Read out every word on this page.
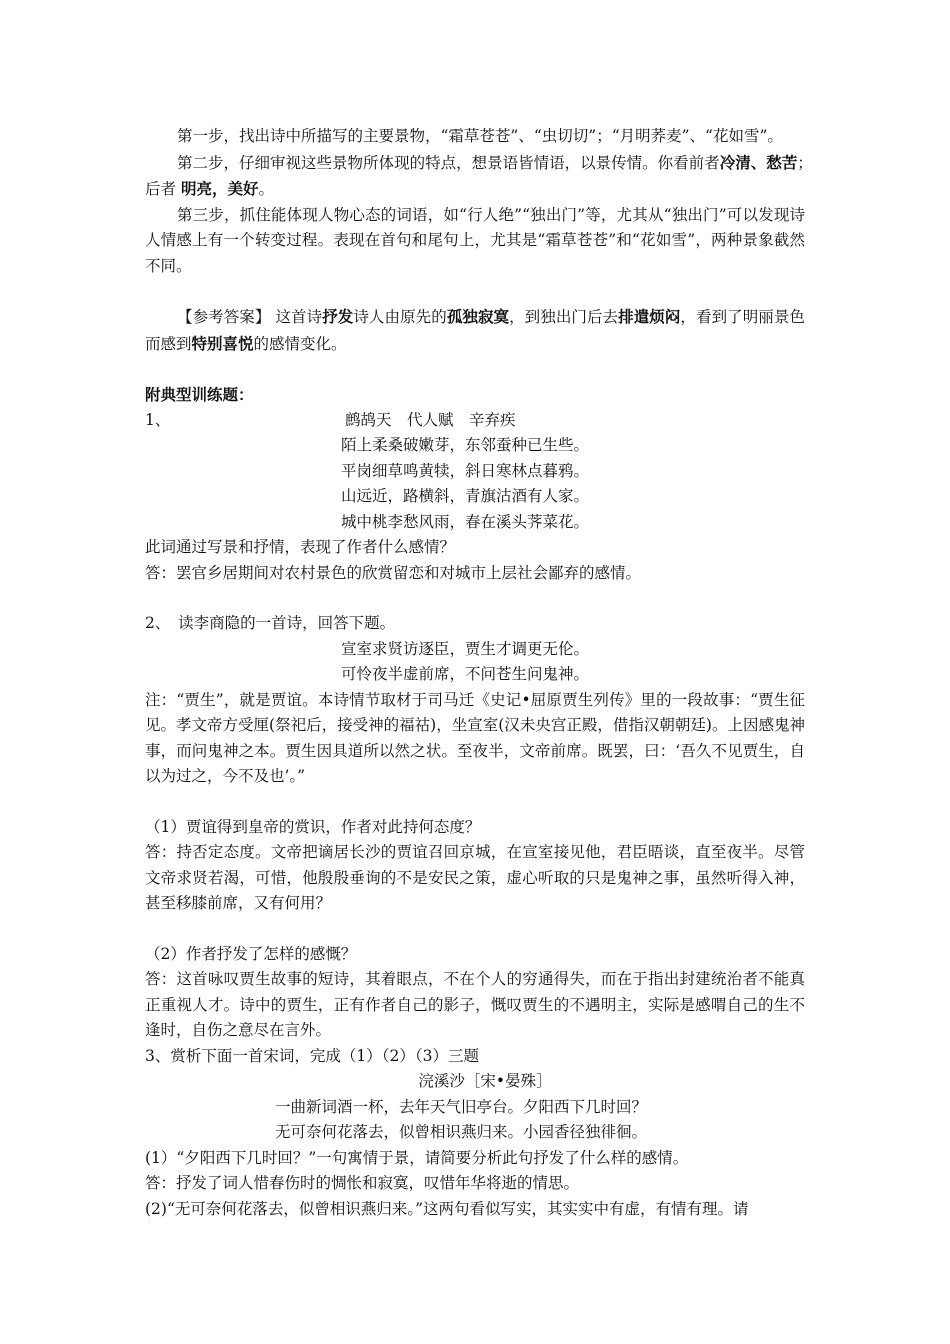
第一步，找出诗中所描写的主要景物，“霜草苍苍”、“虫切切”；“月明荞麦”、“花如雪”。

第二步，仔细审视这些景物所体现的特点，想景语皆情语，以景传情。你看前者冷清、愁苦；　后者 明亮，美好。

第三步，抓住能体现人物心态的词语，如“行人绝”“独出门”等，尤其从“独出门”可以发现诗人情感上有一个转变过程。表现在首句和尾句上，尤其是“霜草苍苍”和“花如雪”，两种景象截然不同。

【参考答案】 这首诗抒发诗人由原先的孤独寂寞，到独出门后去排遣烦闷，看到了明丽景色而感到特别喜悦的感情变化。

附典型训练题：

1、	鹧鸪天　代人赋　辛弃疾

陌上柔桑破嫩芽，东邻蚕种已生些。

平岗细草鸣黄犊，斜日寒林点暮鸦。

山远近，路横斜，青旗沽酒有人家。

城中桃李愁风雨，春在溪头荠菜花。

此词通过写景和抒情，表现了作者什么感情？

答：罢官乡居期间对农村景色的欣赏留恋和对城市上层社会鄙弃的感情。

2、　读李商隐的一首诗，回答下题。

宣室求贤访逐臣，贾生才调更无伦。

可怜夜半虚前席，不问苍生问鬼神。

注：“贾生”，就是贾谊。本诗情节取材于司马迁《史记•屈原贾生列传》里的一段故事：“贾生征见。孝文帝方受厘(祭祀后，接受神的福祜)，坐宣室(汉未央宫正殿，借指汉朝朝廷)。上因感鬼神事，而问鬼神之本。贾生因具道所以然之状。至夜半，文帝前席。既罢，曰：‘吾久不见贾生，自以为过之，今不及也’。”

（1）贾谊得到皇帝的赏识，作者对此持何态度？

答：持否定态度。文帝把谪居长沙的贾谊召回京城，在宣室接见他，君臣晤谈，直至夜半。尽管文帝求贤若渴，可惜，他殷殷垂询的不是安民之策，虚心听取的只是鬼神之事，虽然听得入神，甚至移膝前席，又有何用？

（2）作者抒发了怎样的感慨？

答：这首咏叹贾生故事的短诗，其着眼点，不在个人的穷通得失，而在于指出封建统治者不能真正重视人才。诗中的贾生，正有作者自己的影子，慨叹贾生的不遇明主，实际是感喟自己的生不逢时，自伤之意尽在言外。

3、赏析下面一首宋词，完成（1）（2）（3）三题

浣溪沙［宋•晏殊］

一曲新词酒一杯，去年天气旧亭台。夕阳西下几时回？

无可奈何花落去，似曾相识燕归来。小园香径独徘徊。

(1）“夕阳西下几时回？”一句寓情于景，请简要分析此句抒发了什么样的感情。

答：抒发了词人惜春伤时的惆怅和寂寞，叹惜年华将逝的情思。

(2)“无可奈何花落去，似曾相识燕归来。”这两句看似写实，其实实中有虚，有情有理。请
